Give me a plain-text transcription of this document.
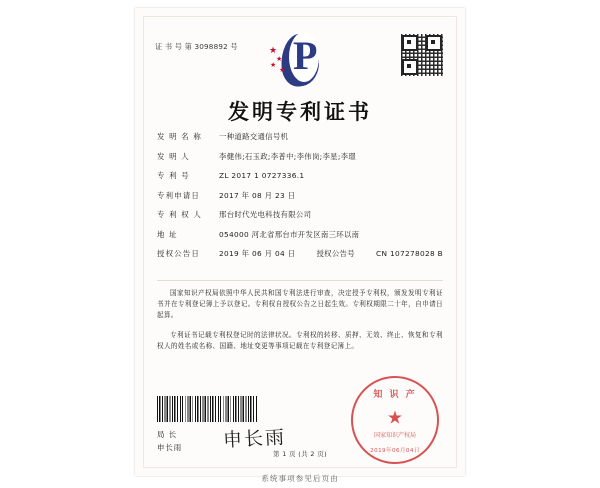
证 书 号 第 3098892 号 P
★
★
★
★
发明专利证书
发 明 名 称	一种道路交通信号机
发 明 人	李健伟;石玉政;李普中;李伟岗;李星;李璟
专 利 号	ZL 2017 1 0727336.1
专利申请日	2017 年 08 月 23 日
专 利 权 人	邢台时代光电科技有限公司
地 址	054000 河北省邢台市开发区南三环以南
授权公告日	2019 年 06 月 04 日	授权公告号	CN 107278028 B

国家知识产权局依照中华人民共和国专利法进行审查，决定授予专利权，颁发发明专利证书并在专利登记簿上予以登记。专利权自授权公告之日起生效。专利权期限二十年，自申请日起算。

专利证书记载专利权登记时的法律状况。专利权的转移、质押、无效、终止、恢复和专利权人的姓名或名称、国籍、地址变更等事项记载在专利登记簿上。

知 识 产
★
国家知识产权局
2019年06月04日
局 长
申长雨 申长雨
第 1 页 (共 2 页)
系统事项参见后页由
